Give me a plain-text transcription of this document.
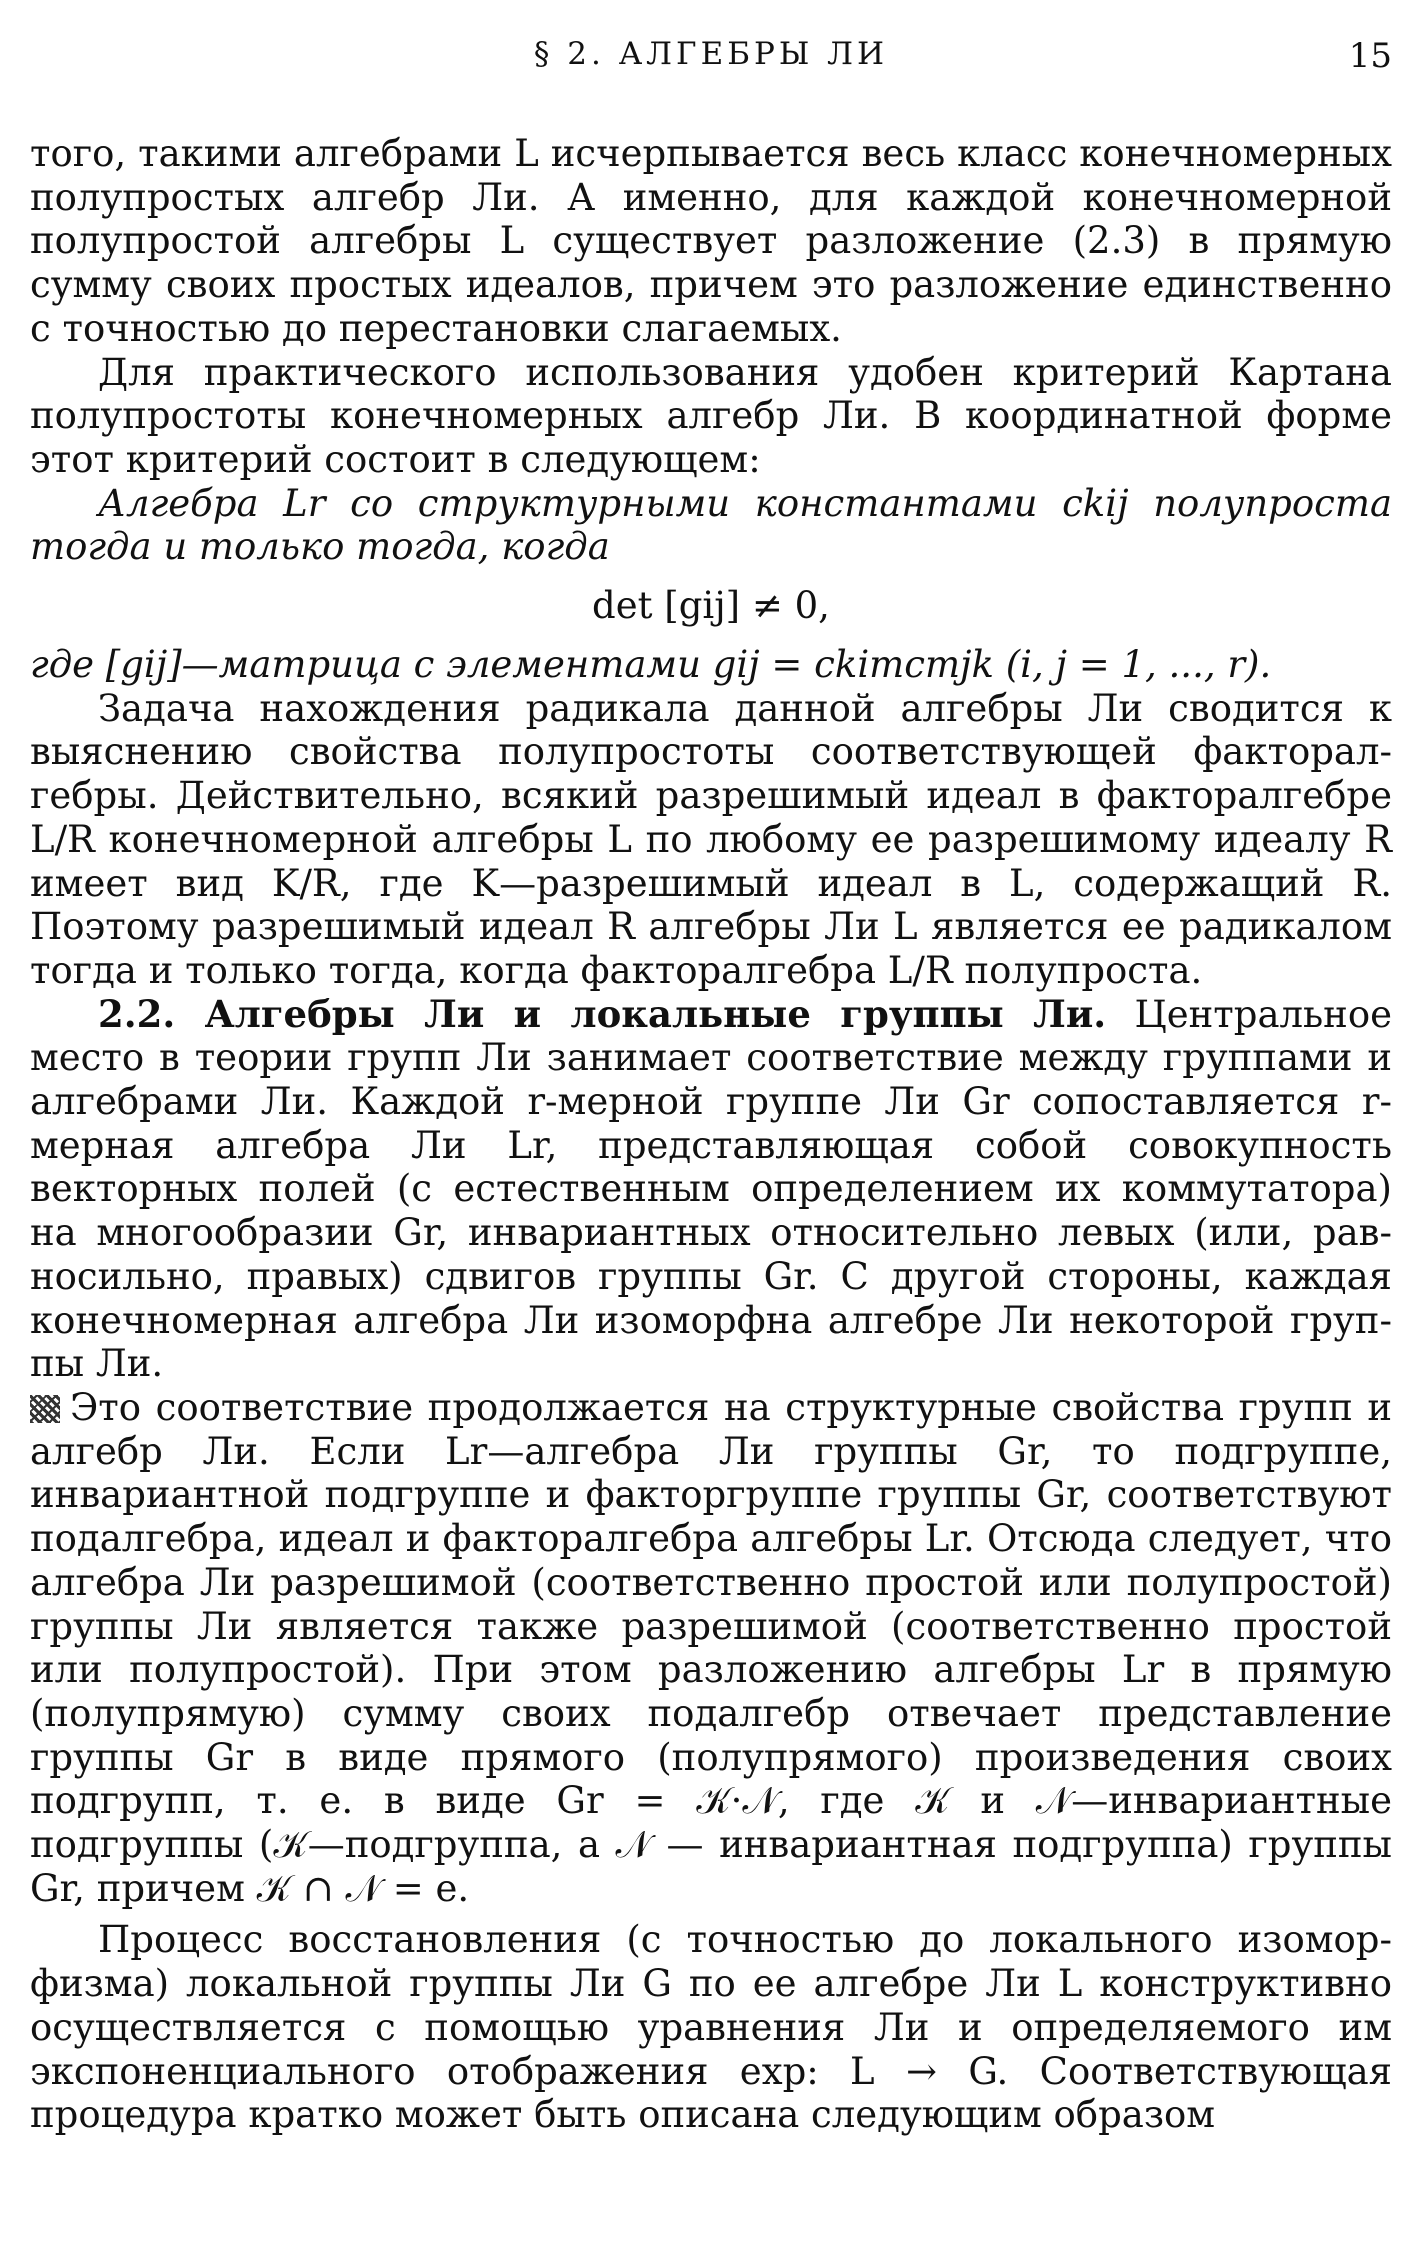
§ 2. АЛГЕБРЫ ЛИ	15

того, такими алгебрами L исчерпывается весь класс конечномерных полупростых алгебр Ли. А именно, для каждой конечномерной полупростой алгебры L существует разложение (2.3) в прямую сумму своих простых идеалов, причем это разложение единственно с точностью до перестановки слагаемых.

Для практического использования удобен критерий Картана полупростоты конечномерных алгебр Ли. В координатной форме этот критерий состоит в следующем:

Алгебра Lr со структурными константами ckij полупроста тогда и только тогда, когда

det [gij] ≠ 0,

где [gij]—матрица с элементами gij = ckimcmjk (i, j = 1, ..., r).

Задача нахождения радикала данной алгебры Ли сводится к выяснению свойства полупростоты соответствующей факторалгебры. Действительно, всякий разрешимый идеал в факторалгебре L/R конечномерной алгебры L по любому ее разрешимому идеалу R имеет вид K/R, где K—разрешимый идеал в L, содержащий R. Поэтому разрешимый идеал R алгебры Ли L является ее радикалом тогда и только тогда, когда факторалгебра L/R полупроста.

2.2. Алгебры Ли и локальные группы Ли. Центральное место в теории групп Ли занимает соответствие между группами и алгебрами Ли. Каждой r-мерной группе Ли Gr сопоставляется r-мерная алгебра Ли Lr, представляющая собой совокупность векторных полей (с естественным определением их коммутатора) на многообразии Gr, инвариантных относительно левых (или, равносильно, правых) сдвигов группы Gr. С другой стороны, каждая конечномерная алгебра Ли изоморфна алгебре Ли некоторой группы Ли.

Это соответствие продолжается на структурные свойства групп и алгебр Ли. Если Lr—алгебра Ли группы Gr, то подгруппе, инвариантной подгруппе и факторгруппе группы Gr, соответствуют подалгебра, идеал и факторалгебра алгебры Lr. Отсюда следует, что алгебра Ли разрешимой (соответственно простой или полупростой) группы Ли является также разрешимой (соответственно простой или полупростой). При этом разложению алгебры Lr в прямую (полупрямую) сумму своих подалгебр отвечает представление группы Gr в виде прямого (полупрямого) произведения своих подгрупп, т. е. в виде Gr = 𝒦·𝒩, где 𝒦 и 𝒩—инвариантные подгруппы (𝒦—подгруппа, а 𝒩 — инвариантная подгруппа) группы Gr, причем 𝒦 ∩ 𝒩 = e.

Процесс восстановления (с точностью до локального изоморфизма) локальной группы Ли G по ее алгебре Ли L конструктивно осуществляется с помощью уравнения Ли и определяемого им экспоненциального отображения exp: L → G. Соответствующая процедура кратко может быть описана следующим образом
